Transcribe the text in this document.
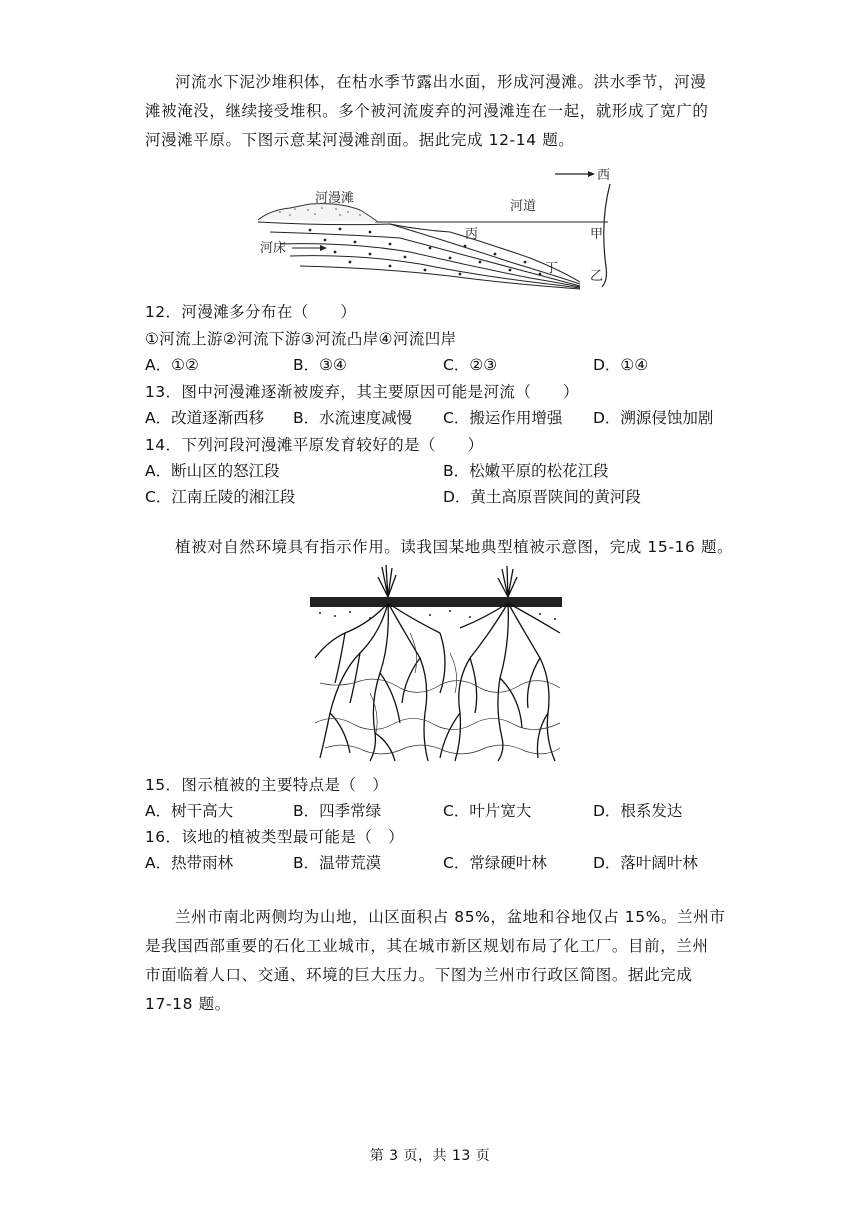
河流水下泥沙堆积体，在枯水季节露出水面，形成河漫滩。洪水季节，河漫
滩被淹没，继续接受堆积。多个被河流废弃的河漫滩连在一起，就形成了宽广的
河漫滩平原。下图示意某河漫滩剖面。据此完成 12-14 题。
西
河漫滩
河道
丙	甲
丁
乙
河床
12．河漫滩多分布在（　　）
①河流上游②河流下游③河流凸岸④河流凹岸
A．①②	B．③④	C．②③	D．①④
13．图中河漫滩逐渐被废弃，其主要原因可能是河流（　　）
A．改道逐渐西移 B．水流速度减慢 C．搬运作用增强 D．溯源侵蚀加剧
14．下列河段河漫滩平原发育较好的是（　　）
A．断山区的怒江段	B．松嫩平原的松花江段
C．江南丘陵的湘江段	D．黄土高原晋陕间的黄河段
植被对自然环境具有指示作用。读我国某地典型植被示意图，完成 15-16 题。
15．图示植被的主要特点是（　）
A．树干高大	B．四季常绿	C．叶片宽大	D．根系发达
16．该地的植被类型最可能是（　）
A．热带雨林	B．温带荒漠	C．常绿硬叶林	D．落叶阔叶林
兰州市南北两侧均为山地，山区面积占 85%，盆地和谷地仅占 15%。兰州市
是我国西部重要的石化工业城市，其在城市新区规划布局了化工厂。目前，兰州
市面临着人口、交通、环境的巨大压力。下图为兰州市行政区简图。据此完成
17-18 题。
第 3 页，共 13 页
